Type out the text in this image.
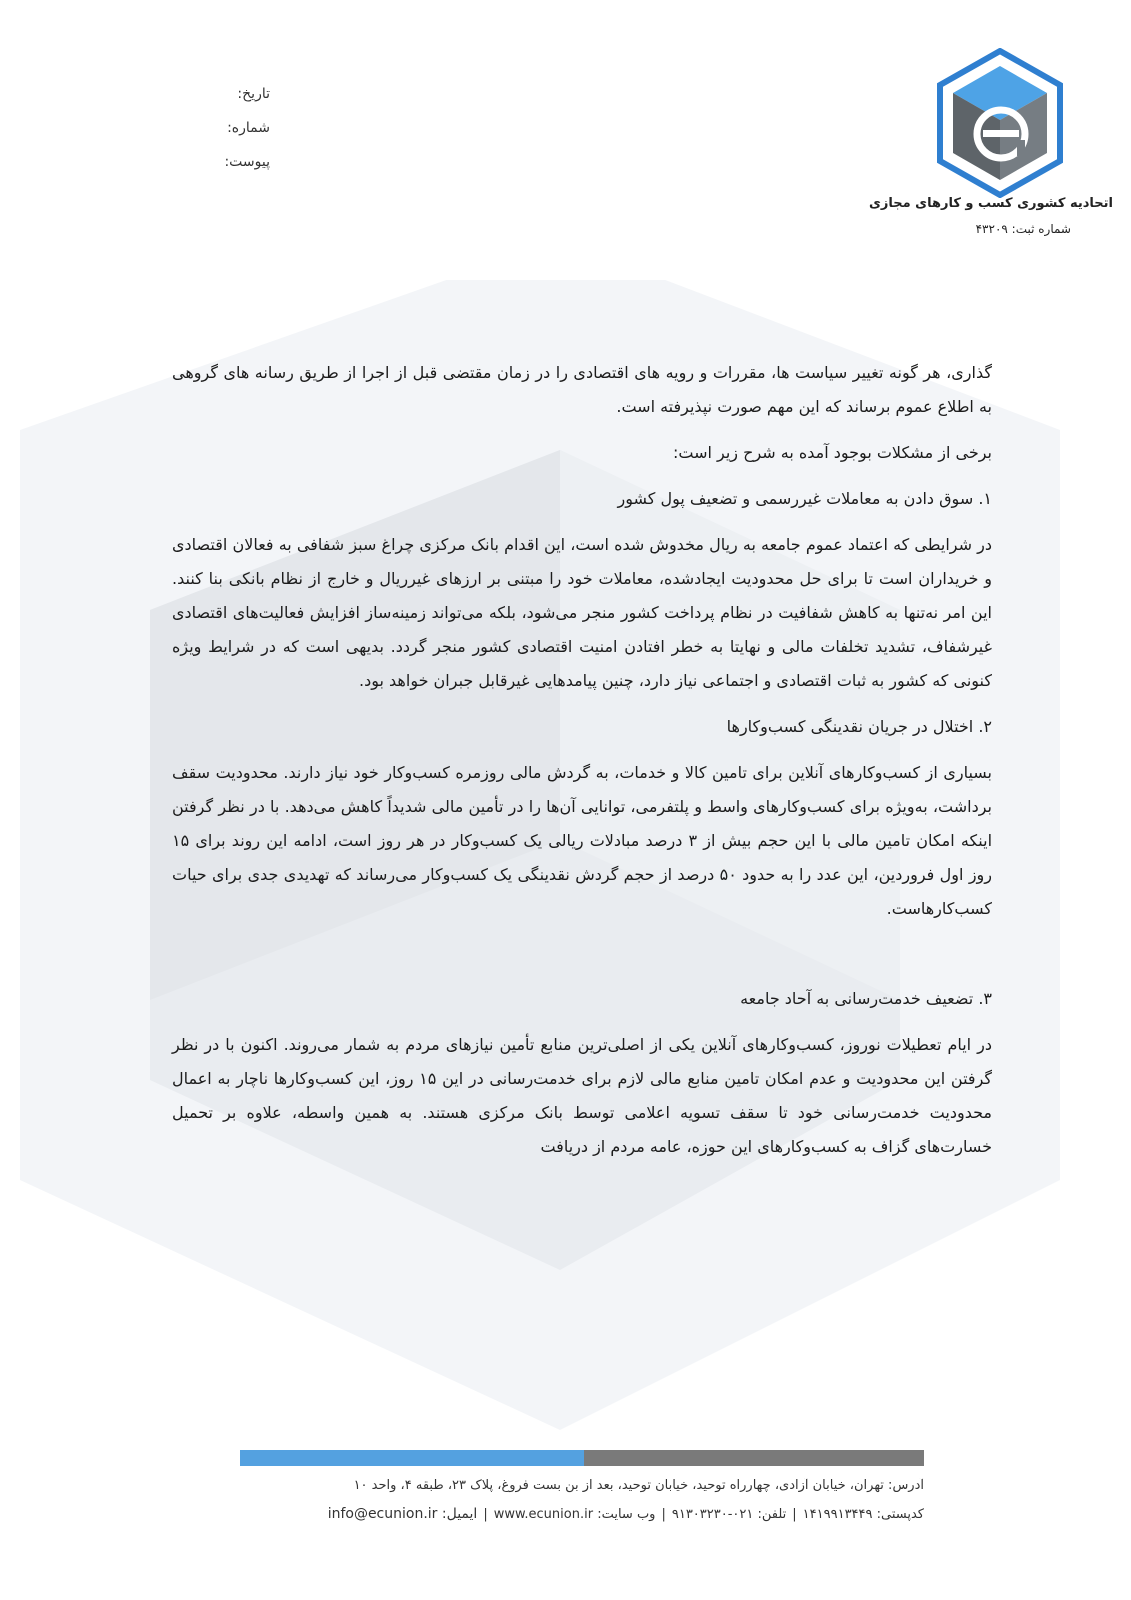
اتحادیه کشوری کسب و کارهای مجازی
شماره ثبت: ۴۳۲۰۹
تاریخ:
شماره:
پیوست:

گذاری، هر گونه تغییر سیاست ها، مقررات و رویه های اقتصادی را در زمان مقتضی قبل از اجرا از طریق رسانه های گروهی به اطلاع عموم برساند که این مهم صورت نپذیرفته است.

برخی از مشکلات بوجود آمده به شرح زیر است:

۱. سوق دادن به معاملات غیررسمی و تضعیف پول کشور

در شرایطی که اعتماد عموم جامعه به ریال مخدوش شده است، این اقدام بانک مرکزی چراغ سبز شفافی به فعالان اقتصادی و خریداران است تا برای حل محدودیت ایجادشده، معاملات خود را مبتنی بر ارزهای غیرریال و خارج از نظام بانکی بنا کنند. این امر نه‌تنها به کاهش شفافیت در نظام پرداخت کشور منجر می‌شود، بلکه می‌تواند زمینه‌ساز افزایش فعالیت‌های اقتصادی غیرشفاف، تشدید تخلفات مالی و نهایتا به خطر افتادن امنیت اقتصادی کشور منجر گردد. بدیهی است که در شرایط ویژه کنونی که کشور به ثبات اقتصادی و اجتماعی نیاز دارد، چنین پیامدهایی غیرقابل جبران خواهد بود.

۲. اختلال در جریان نقدینگی کسب‌وکارها

بسیاری از کسب‌وکارهای آنلاین برای تامین کالا و خدمات، به گردش مالی روزمره کسب‌وکار خود نیاز دارند. محدودیت سقف برداشت، به‌ویژه برای کسب‌وکارهای واسط و پلتفرمی، توانایی آن‌ها را در تأمین مالی شدیداً کاهش می‌دهد. با در نظر گرفتن اینکه امکان تامین مالی با این حجم بیش از ۳ درصد مبادلات ریالی یک کسب‌وکار در هر روز است، ادامه این روند برای ۱۵ روز اول فروردین، این عدد را به حدود ۵۰ درصد از حجم گردش نقدینگی یک کسب‌وکار می‌رساند که تهدیدی جدی برای حیات کسب‌کارهاست.

۳. تضعیف خدمت‌رسانی به آحاد جامعه

در ایام تعطیلات نوروز، کسب‌وکارهای آنلاین یکی از اصلی‌ترین منابع تأمین نیازهای مردم به شمار می‌روند. اکنون با در نظر گرفتن این محدودیت و عدم امکان تامین منابع مالی لازم برای خدمت‌رسانی در این ۱۵ روز، این کسب‌وکارها ناچار به اعمال محدودیت خدمت‌رسانی خود تا سقف تسویه اعلامی توسط بانک مرکزی هستند. به همین واسطه، علاوه بر تحمیل خسارت‌های گزاف به کسب‌وکارهای این حوزه، عامه مردم از دریافت

آدرس: تهران، خیابان آزادی، چهارراه توحید، خیابان توحید، بعد از بن بست فروغ، پلاک ۲۳، طبقه ۴، واحد ۱۰
کدپستی: ۱۴۱۹۹۱۳۴۴۹|تلفن: ۰۲۱-۹۱۳۰۳۲۳۰|وب سایت: www.ecunion.ir|ایمیل: info@ecunion.ir
